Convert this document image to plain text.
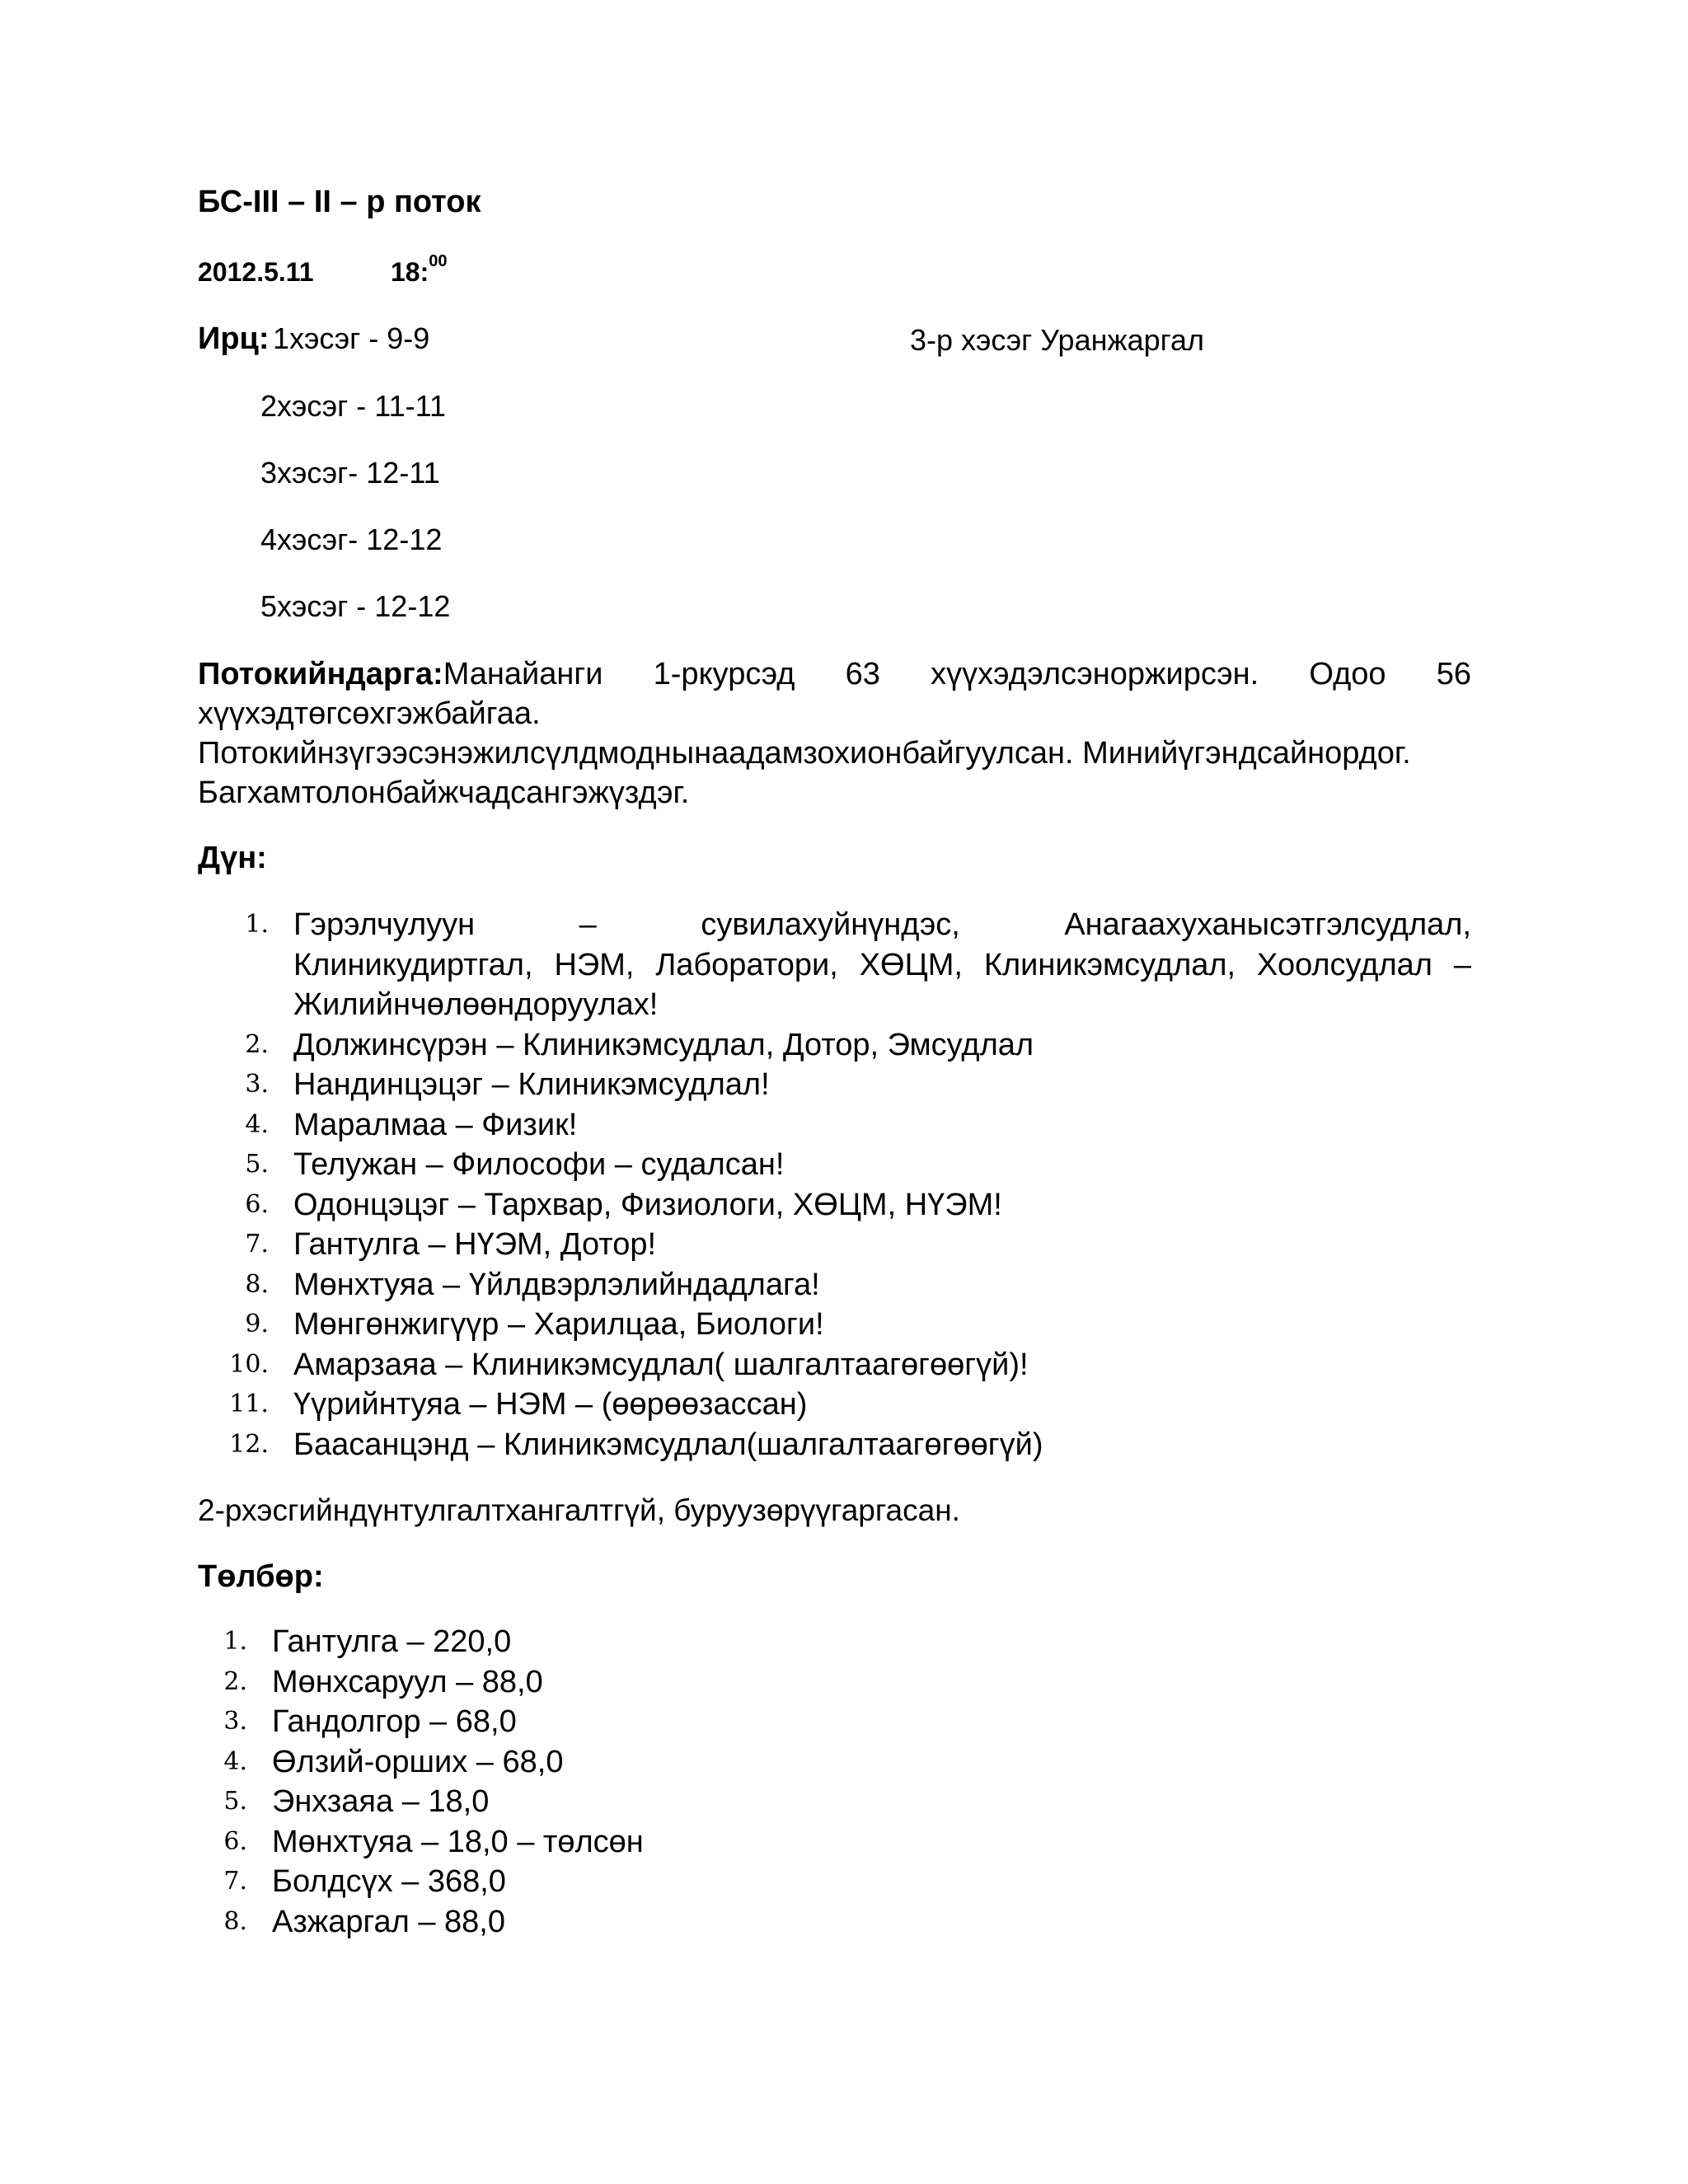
БС-III – II – р поток
2012.5.11	18:$^{00}$
Ирц: 1хэсэг - 9-9	3-р хэсэг Уранжаргал
2хэсэг - 11-11
3хэсэг- 12-11
4хэсэг- 12-12
5хэсэг - 12-12
Потокийндарга:Манайанги 1-ркурсэд 63 хүүхэдэлсэноржирсэн. Одоо 56
хүүхэдтөгсөхгэжбайгаа.
Потокийнзүгээсэнэжилсүлдмоднынаадамзохионбайгуулсан. Минийүгэндсайнордог.
Багхамтолонбайжчадсангэжүздэг.
Дүн:
1. Гэрэлчулуун	–	сувилахуйнүндэс,	Анагаахуханысэтгэлсудлал,
Клиникудиртгал, НЭМ, Лаборатори, ХӨЦМ, Клиникэмсудлал, Хоолсудлал –
Жилийнчөлөөндоруулах!
2. Должинсүрэн – Клиникэмсудлал, Дотор, Эмсудлал
3. Нандинцэцэг – Клиникэмсудлал!
4. Маралмаа – Физик!
5. Телужан – Философи – судалсан!
6. Одонцэцэг – Тархвар, Физиологи, ХӨЦМ, НҮЭМ!
7. Гантулга – НҮЭМ, Дотор!
8. Мөнхтуяа – Үйлдвэрлэлийндадлага!
9. Мөнгөнжигүүр – Харилцаа, Биологи!
10. Амарзаяа – Клиникэмсудлал( шалгалтаагөгөөгүй)!
11. Үүрийнтуяа – НЭМ – (өөрөөзассан)
12. Баасанцэнд – Клиникэмсудлал(шалгалтаагөгөөгүй)
2-рхэсгийндүнтулгалтхангалтгүй, буруузөрүүгаргасан.
Төлбөр:
1. Гантулга – 220,0
2. Мөнхсаруул – 88,0
3. Гандолгор – 68,0
4. Өлзий-орших – 68,0
5. Энхзаяа – 18,0
6. Мөнхтуяа – 18,0 – төлсөн
7. Болдсүх – 368,0
8. Азжаргал – 88,0
